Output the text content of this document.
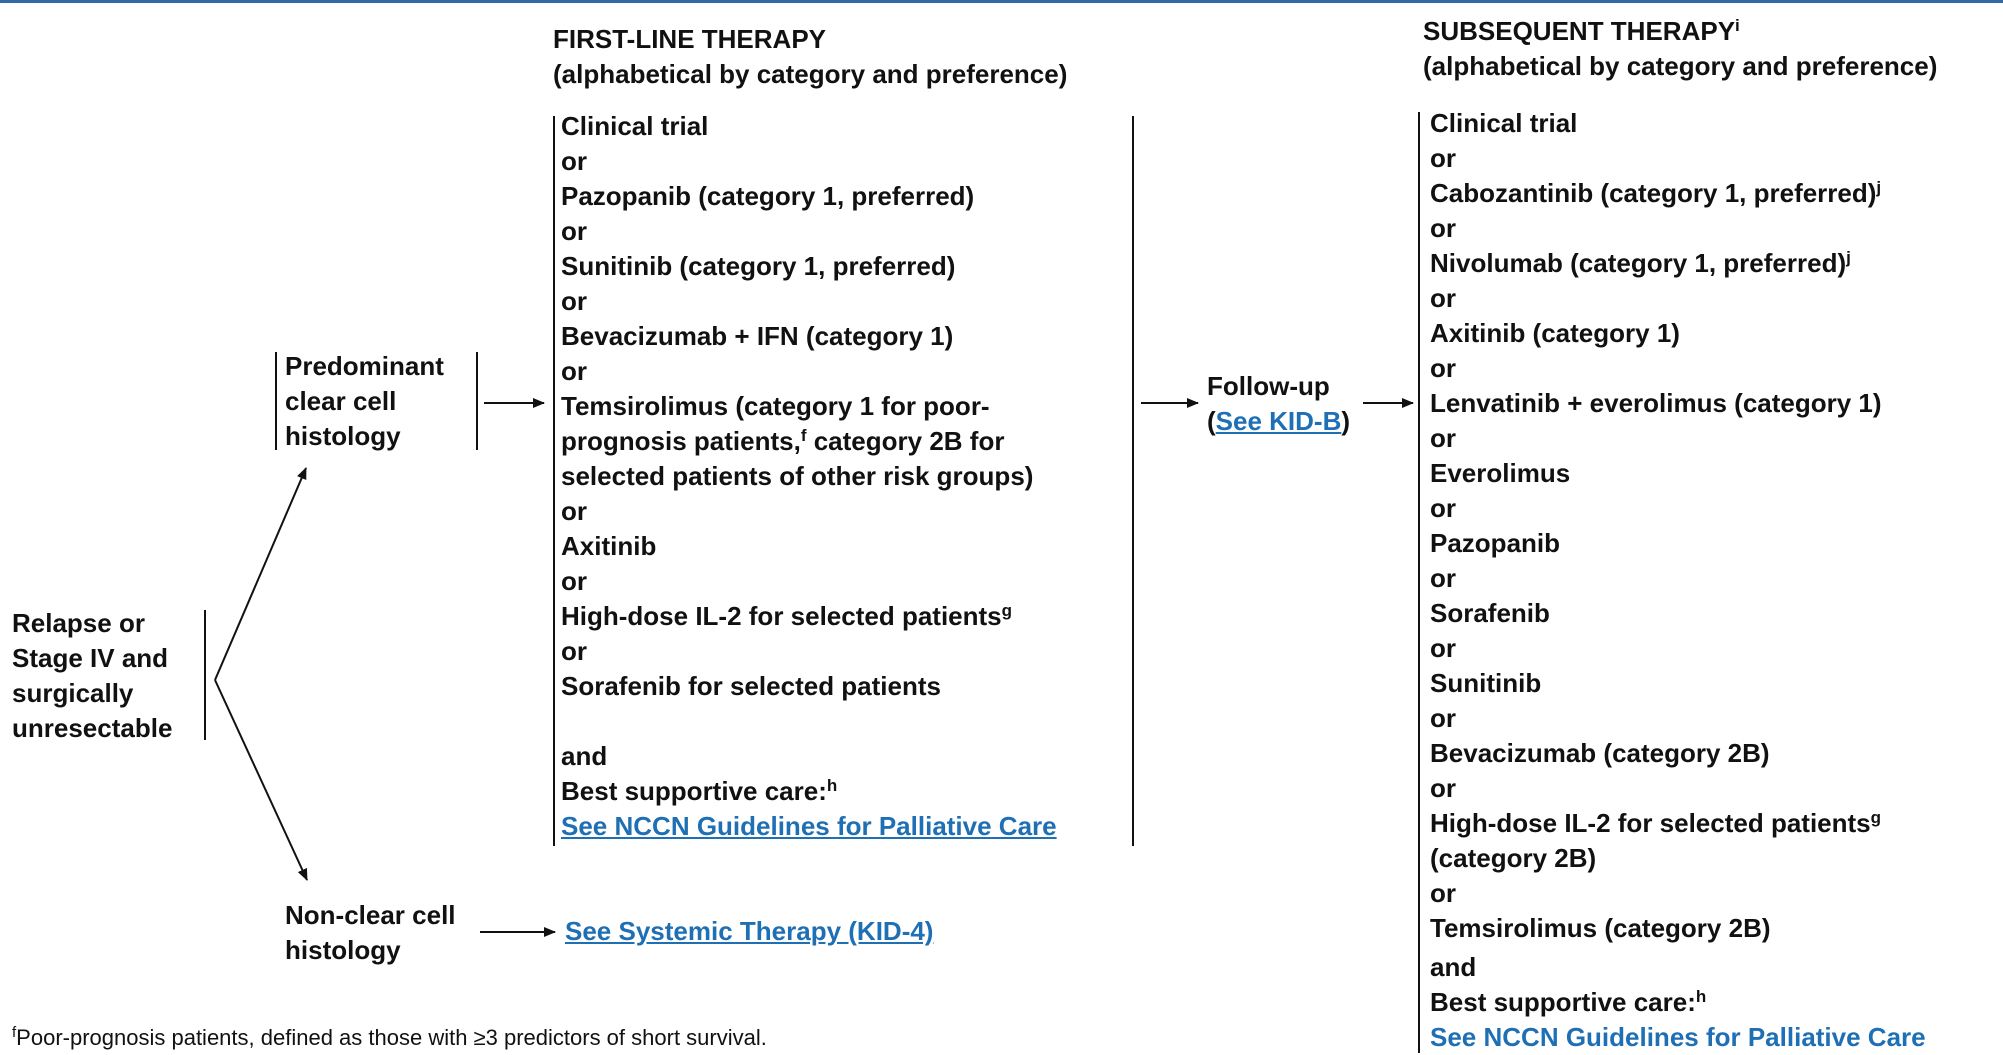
Relapse or
Stage IV and
surgically
unresectable
Predominant
clear cell
histology
Non-clear cell
histology
See Systemic Therapy (KID-4)
FIRST-LINE THERAPY
(alphabetical by category and preference)
Clinical trial
or
Pazopanib (category 1, preferred)
or
Sunitinib (category 1, preferred)
or
Bevacizumab + IFN (category 1)
or
Temsirolimus (category 1 for poor-
prognosis patients,$^f$ category 2B for
selected patients of other risk groups)
or
Axitinib
or
High-dose IL-2 for selected patients$^g$
or
Sorafenib for selected patients
and
Best supportive care:$^h$
See NCCN Guidelines for Palliative Care
Follow-up
(See KID-B)
SUBSEQUENT THERAPY$^i$
(alphabetical by category and preference)
Clinical trial
or
Cabozantinib (category 1, preferred)$^j$
or
Nivolumab (category 1, preferred)$^j$
or
Axitinib (category 1)
or
Lenvatinib + everolimus (category 1)
or
Everolimus
or
Pazopanib
or
Sorafenib
or
Sunitinib
or
Bevacizumab (category 2B)
or
High-dose IL-2 for selected patients$^g$
(category 2B)
or
Temsirolimus (category 2B)
and
Best supportive care:$^h$
See NCCN Guidelines for Palliative Care
$^f$Poor-prognosis patients, defined as those with ≥3 predictors of short survival.
